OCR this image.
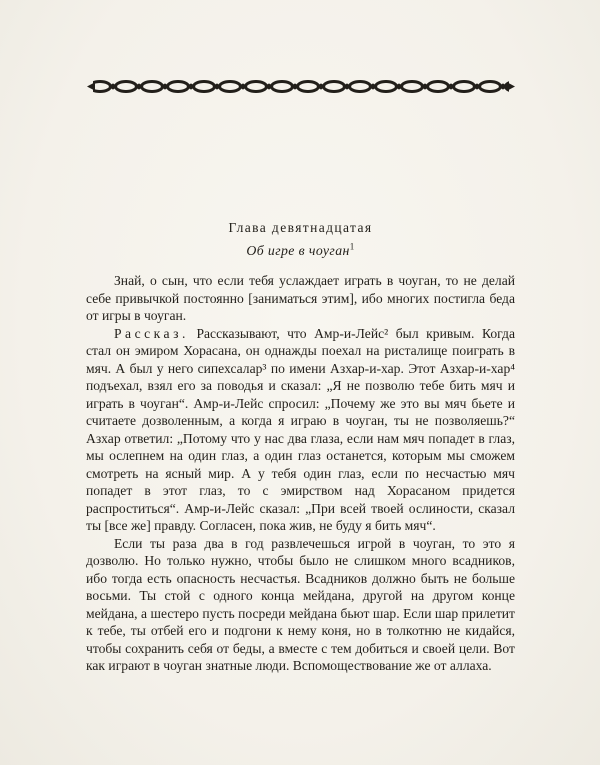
Глава девятнадцатая
Об игре в чоуган$^1$

Знай, о сын, что если тебя услаждает играть в чоуган, то не делай себе привычкой постоянно [заниматься этим], ибо многих постигла беда от игры в чоуган.

Рассказ. Рассказывают, что Амр-и-Лейс² был кривым. Когда стал он эмиром Хорасана, он однажды поехал на ристалище поиграть в мяч. А был у него сипехсалар³ по имени Азхар-и-хар. Этот Азхар-и-хар⁴ подъехал, взял его за поводья и сказал: „Я не позволю тебе бить мяч и играть в чоуган“. Амр-и-Лейс спросил: „Почему же это вы мяч бьете и считаете дозволенным, а когда я играю в чоуган, ты не позволяешь?“ Азхар ответил: „Потому что у нас два глаза, если нам мяч попадет в глаз, мы ослепнем на один глаз, а один глаз останется, которым мы сможем смотреть на ясный мир. А у тебя один глаз, если по несчастью мяч попадет в этот глаз, то с эмирством над Хорасаном придется распроститься“. Амр-и-Лейс сказал: „При всей твоей ослиности, сказал ты [все же] правду. Согласен, пока жив, не буду я бить мяч“.

Если ты раза два в год развлечешься игрой в чоуган, то это я дозволю. Но только нужно, чтобы было не слишком много всадников, ибо тогда есть опасность несчастья. Всадников должно быть не больше восьми. Ты стой с одного конца мейдана, другой на другом конце мейдана, а шестеро пусть посреди мейдана бьют шар. Если шар прилетит к тебе, ты отбей его и подгони к нему коня, но в толкотню не кидайся, чтобы сохранить себя от беды, а вместе с тем добиться и своей цели. Вот как играют в чоуган знатные люди. Вспомоществование же от аллаха.
